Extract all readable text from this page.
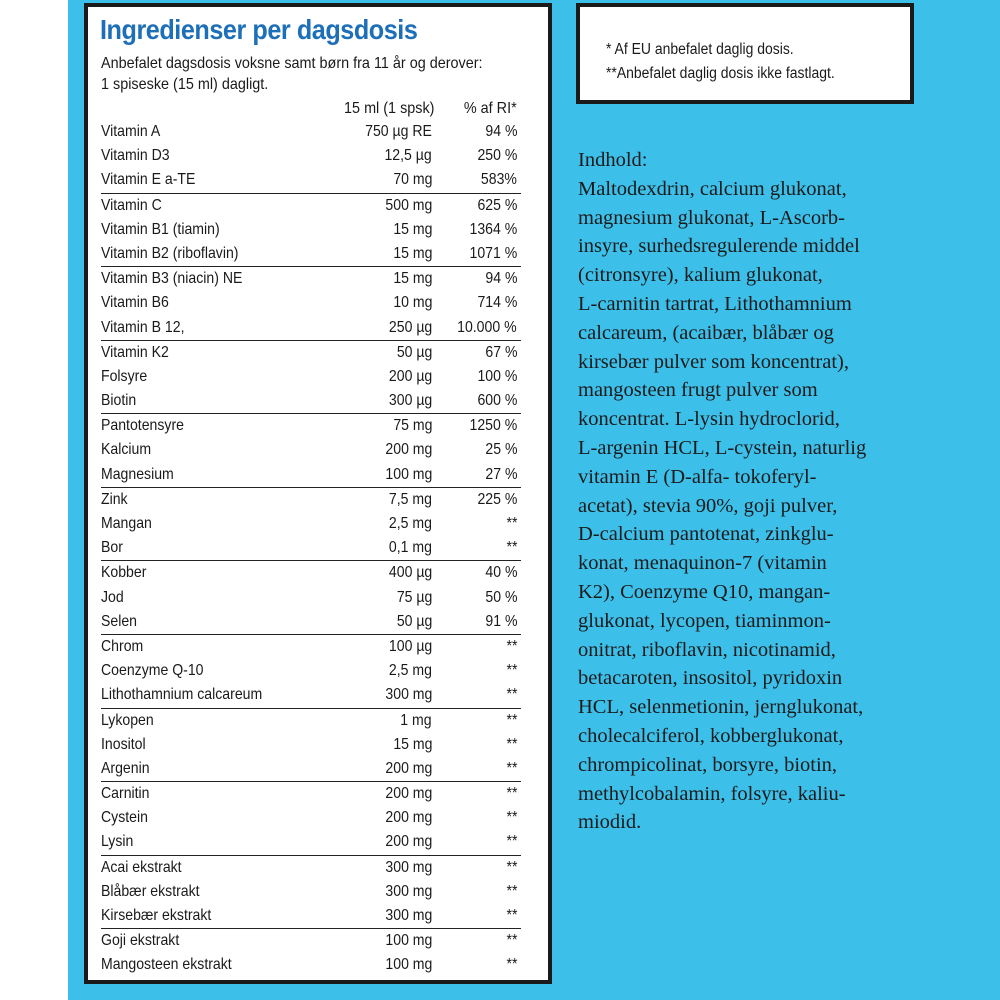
Ingredienser per dagsdosis
Anbefalet dagsdosis voksne samt børn fra 11 år og derover:
1 spiseske (15 ml) dagligt.
15 ml (1 spsk) % af RI*
Vitamin A	750 µg RE	94 %
Vitamin D3	12,5 µg	250 %
Vitamin E a-TE	70 mg	583%
Vitamin C	500 mg	625 %
Vitamin B1 (tiamin)	15 mg 1364 %
Vitamin B2 (riboflavin)	15 mg 1071 %
Vitamin B3 (niacin) NE	15 mg	94 %
Vitamin B6	10 mg	714 %
Vitamin B 12,	250 µg 10.000 %
Vitamin K2	50 µg	67 %
Folsyre	200 µg	100 %
Biotin	300 µg	600 %
Pantotensyre	75 mg 1250 %
Kalcium	200 mg	25 %
Magnesium	100 mg	27 %
Zink	7,5 mg	225 %
Mangan	2,5 mg	**
Bor	0,1 mg	**
Kobber	400 µg	40 %
Jod	75 µg	50 %
Selen	50 µg	91 %
Chrom	100 µg	**
Coenzyme Q-10	2,5 mg	**
Lithothamnium calcareum	300 mg	**
Lykopen	1 mg	**
Inositol	15 mg	**
Argenin	200 mg	**
Carnitin	200 mg	**
Cystein	200 mg	**
Lysin	200 mg	**
Acai ekstrakt	300 mg	**
Blåbær ekstrakt	300 mg	**
Kirsebær ekstrakt	300 mg	**
Goji ekstrakt	100 mg	**
Mangosteen ekstrakt	100 mg	**
* Af EU anbefalet daglig dosis.
**Anbefalet daglig dosis ikke fastlagt.
Indhold:
Maltodexdrin, calcium glukonat,
magnesium glukonat, L-Ascorb-
insyre, surhedsregulerende middel
(citronsyre), kalium glukonat,
L-carnitin tartrat, Lithothamnium
calcareum, (acaibær, blåbær og
kirsebær pulver som koncentrat),
mangosteen frugt pulver som
koncentrat. L-lysin hydroclorid,
L-argenin HCL, L-cystein, naturlig
vitamin E (D-alfa- tokoferyl-
acetat), stevia 90%, goji pulver,
D-calcium pantotenat, zinkglu-
konat, menaquinon-7 (vitamin
K2), Coenzyme Q10, mangan-
glukonat, lycopen, tiaminmon-
onitrat, riboflavin, nicotinamid,
betacaroten, insositol, pyridoxin
HCL, selenmetionin, jernglukonat,
cholecalciferol, kobberglukonat,
chrompicolinat, borsyre, biotin,
methylcobalamin, folsyre, kaliu-
miodid.
